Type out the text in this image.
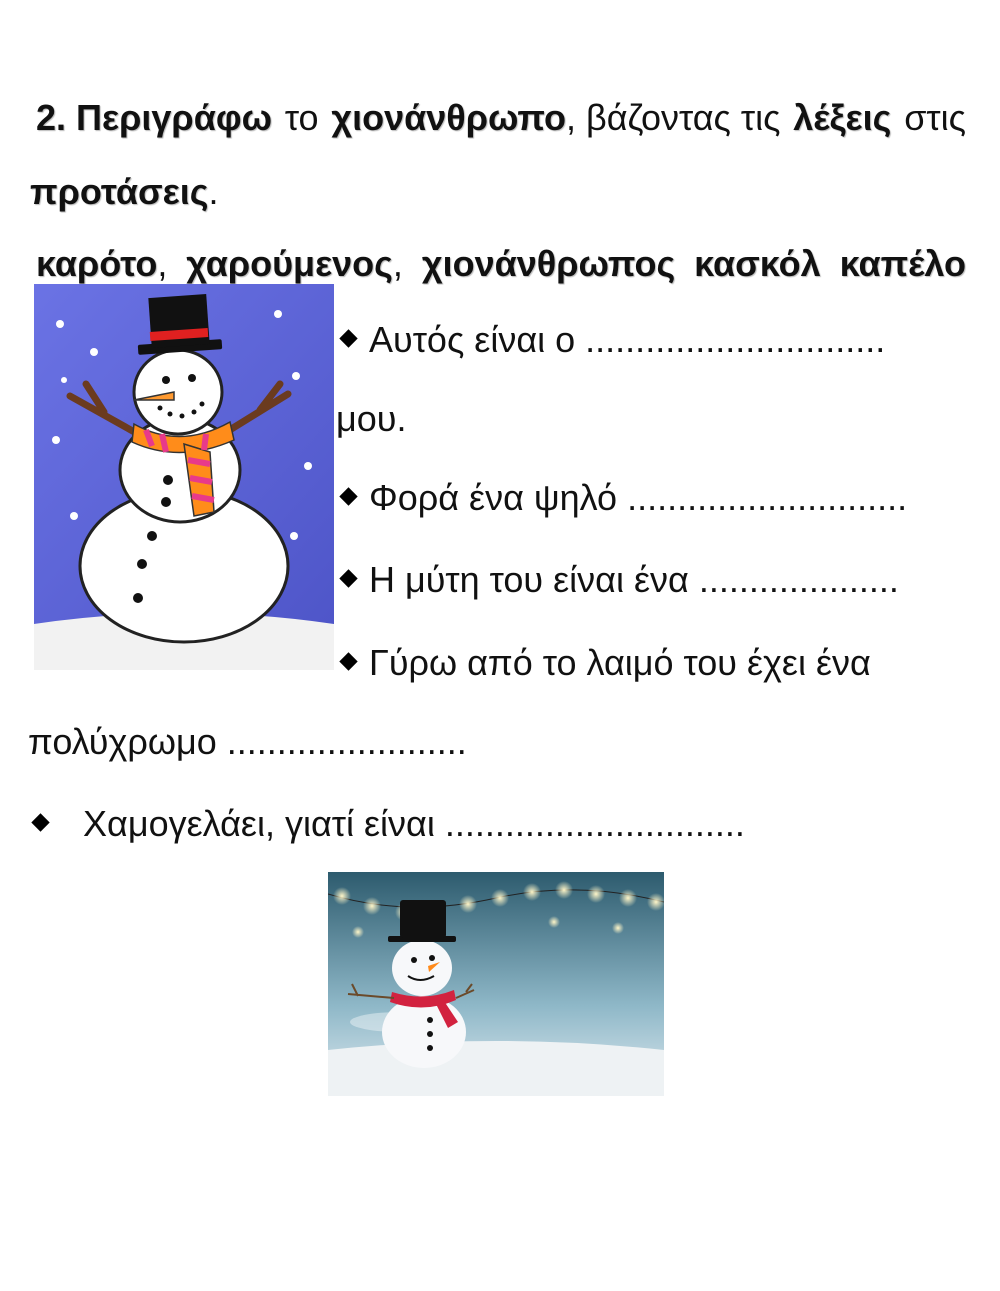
2. Περιγράφω το χιονάνθρωπο, βάζοντας τις λέξεις στις
προτάσεις.
καρότο, χαρούμενος, χιονάνθρωπος κασκόλ καπέλο
Αυτός είναι ο ..............................
μου.
Φορά ένα ψηλό ............................
Η μύτη του είναι ένα ....................
Γύρω από το λαιμό του έχει ένα
πολύχρωμο ........................
Χαμογελάει, γιατί είναι ..............................
